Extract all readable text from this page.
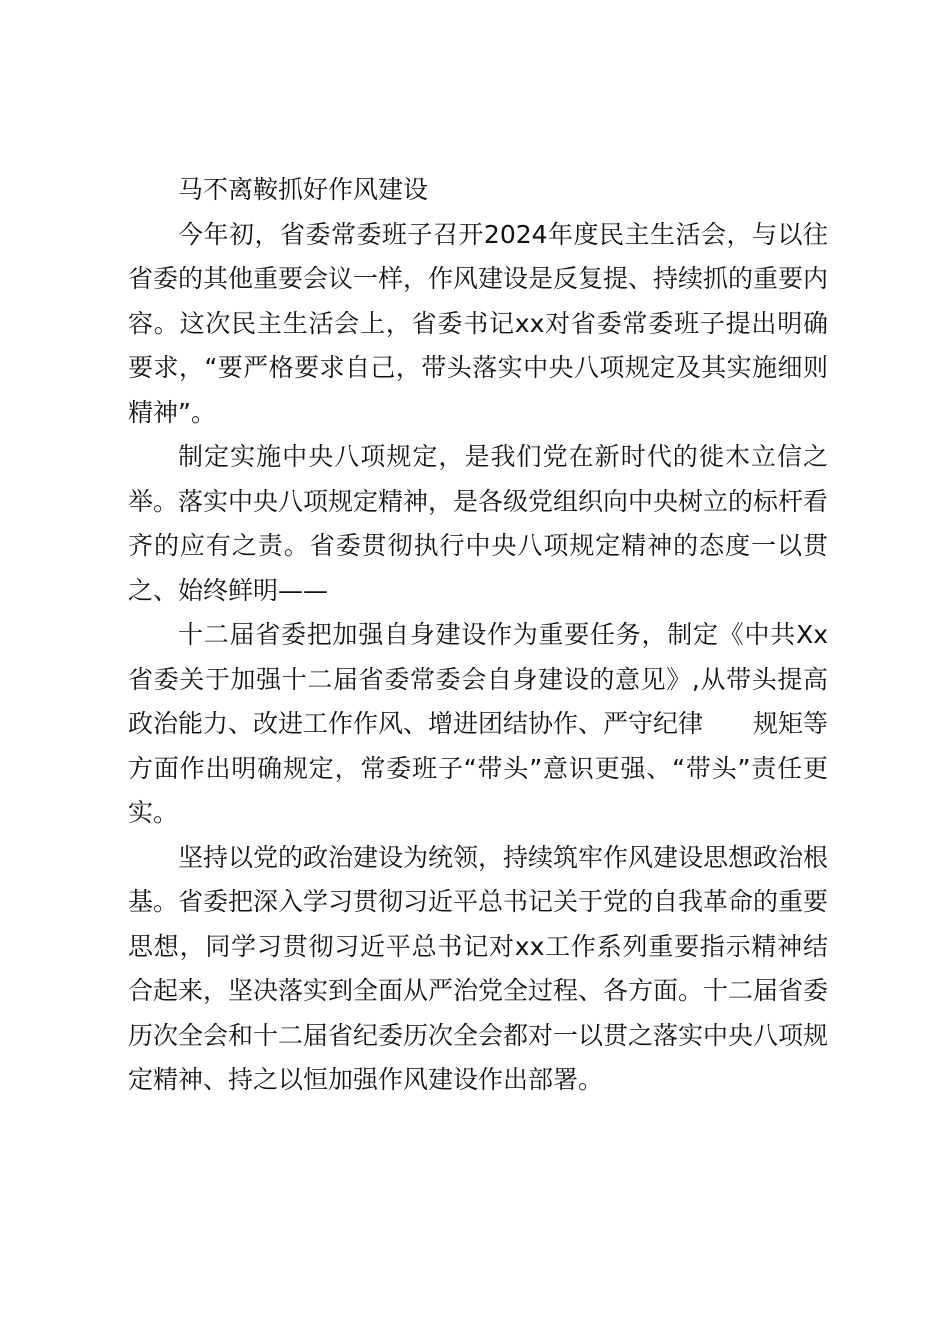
马不离鞍抓好作风建设

今年初，省委常委班子召开2024年度民主生活会，与以往省委的其他重要会议一样，作风建设是反复提、持续抓的重要内容。这次民主生活会上，省委书记xx对省委常委班子提出明确要求，“要严格要求自己，带头落实中央八项规定及其实施细则精神”。

制定实施中央八项规定，是我们党在新时代的徙木立信之举。落实中央八项规定精神，是各级党组织向中央树立的标杆看齐的应有之责。省委贯彻执行中央八项规定精神的态度一以贯之、始终鲜明——

十二届省委把加强自身建设作为重要任务，制定《中共Xx省委关于加强十二届省委常委会自身建设的意见》,从带头提高政治能力、改进工作作风、增进团结协作、严守纪律　　规矩等方面作出明确规定，常委班子“带头”意识更强、“带头”责任更实。

坚持以党的政治建设为统领，持续筑牢作风建设思想政治根基。省委把深入学习贯彻习近平总书记关于党的自我革命的重要思想，同学习贯彻习近平总书记对xx工作系列重要指示精神结合起来，坚决落实到全面从严治党全过程、各方面。十二届省委历次全会和十二届省纪委历次全会都对一以贯之落实中央八项规定精神、持之以恒加强作风建设作出部署。
